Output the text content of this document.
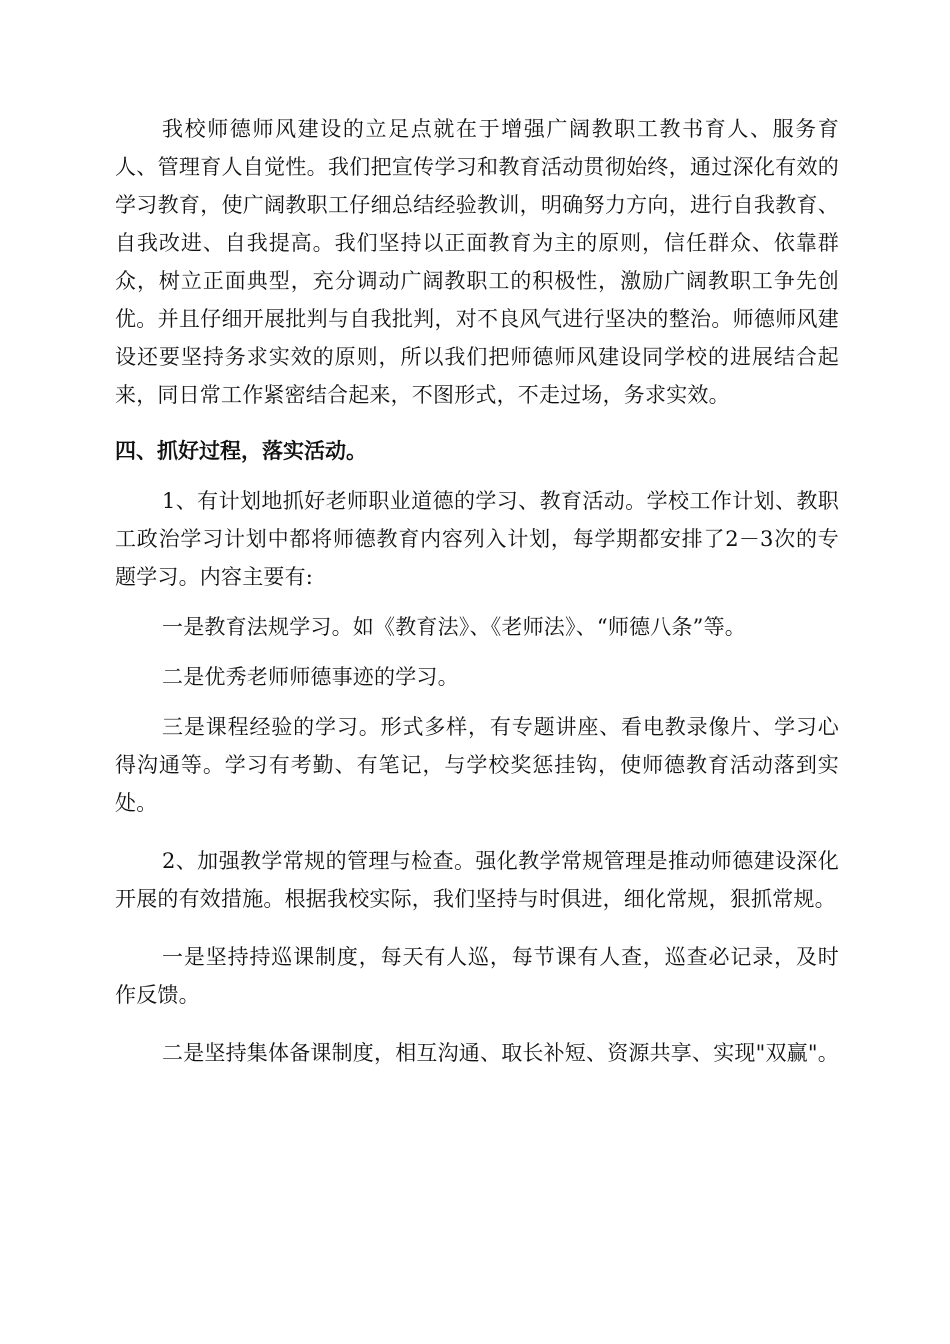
我校师德师风建设的立足点就在于增强广阔教职工教书育人、服务育人、管理育人自觉性。我们把宣传学习和教育活动贯彻始终，通过深化有效的学习教育，使广阔教职工仔细总结经验教训，明确努力方向，进行自我教育、自我改进、自我提高。我们坚持以正面教育为主的原则，信任群众、依靠群众，树立正面典型，充分调动广阔教职工的积极性，激励广阔教职工争先创优。并且仔细开展批判与自我批判，对不良风气进行坚决的整治。师德师风建设还要坚持务求实效的原则，所以我们把师德师风建设同学校的进展结合起来，同日常工作紧密结合起来，不图形式，不走过场，务求实效。

四、抓好过程，落实活动。

1、有计划地抓好老师职业道德的学习、教育活动。学校工作计划、教职工政治学习计划中都将师德教育内容列入计划，每学期都安排了2－3次的专题学习。内容主要有:

一是教育法规学习。如《教育法》、《老师法》、“师德八条”等。

二是优秀老师师德事迹的学习。

三是课程经验的学习。形式多样，有专题讲座、看电教录像片、学习心得沟通等。学习有考勤、有笔记，与学校奖惩挂钩，使师德教育活动落到实处。

2、加强教学常规的管理与检查。强化教学常规管理是推动师德建设深化开展的有效措施。根据我校实际，我们坚持与时俱进，细化常规，狠抓常规。

一是坚持持巡课制度，每天有人巡，每节课有人查，巡查必记录，及时作反馈。

二是坚持集体备课制度，相互沟通、取长补短、资源共享、实现"双赢"。
